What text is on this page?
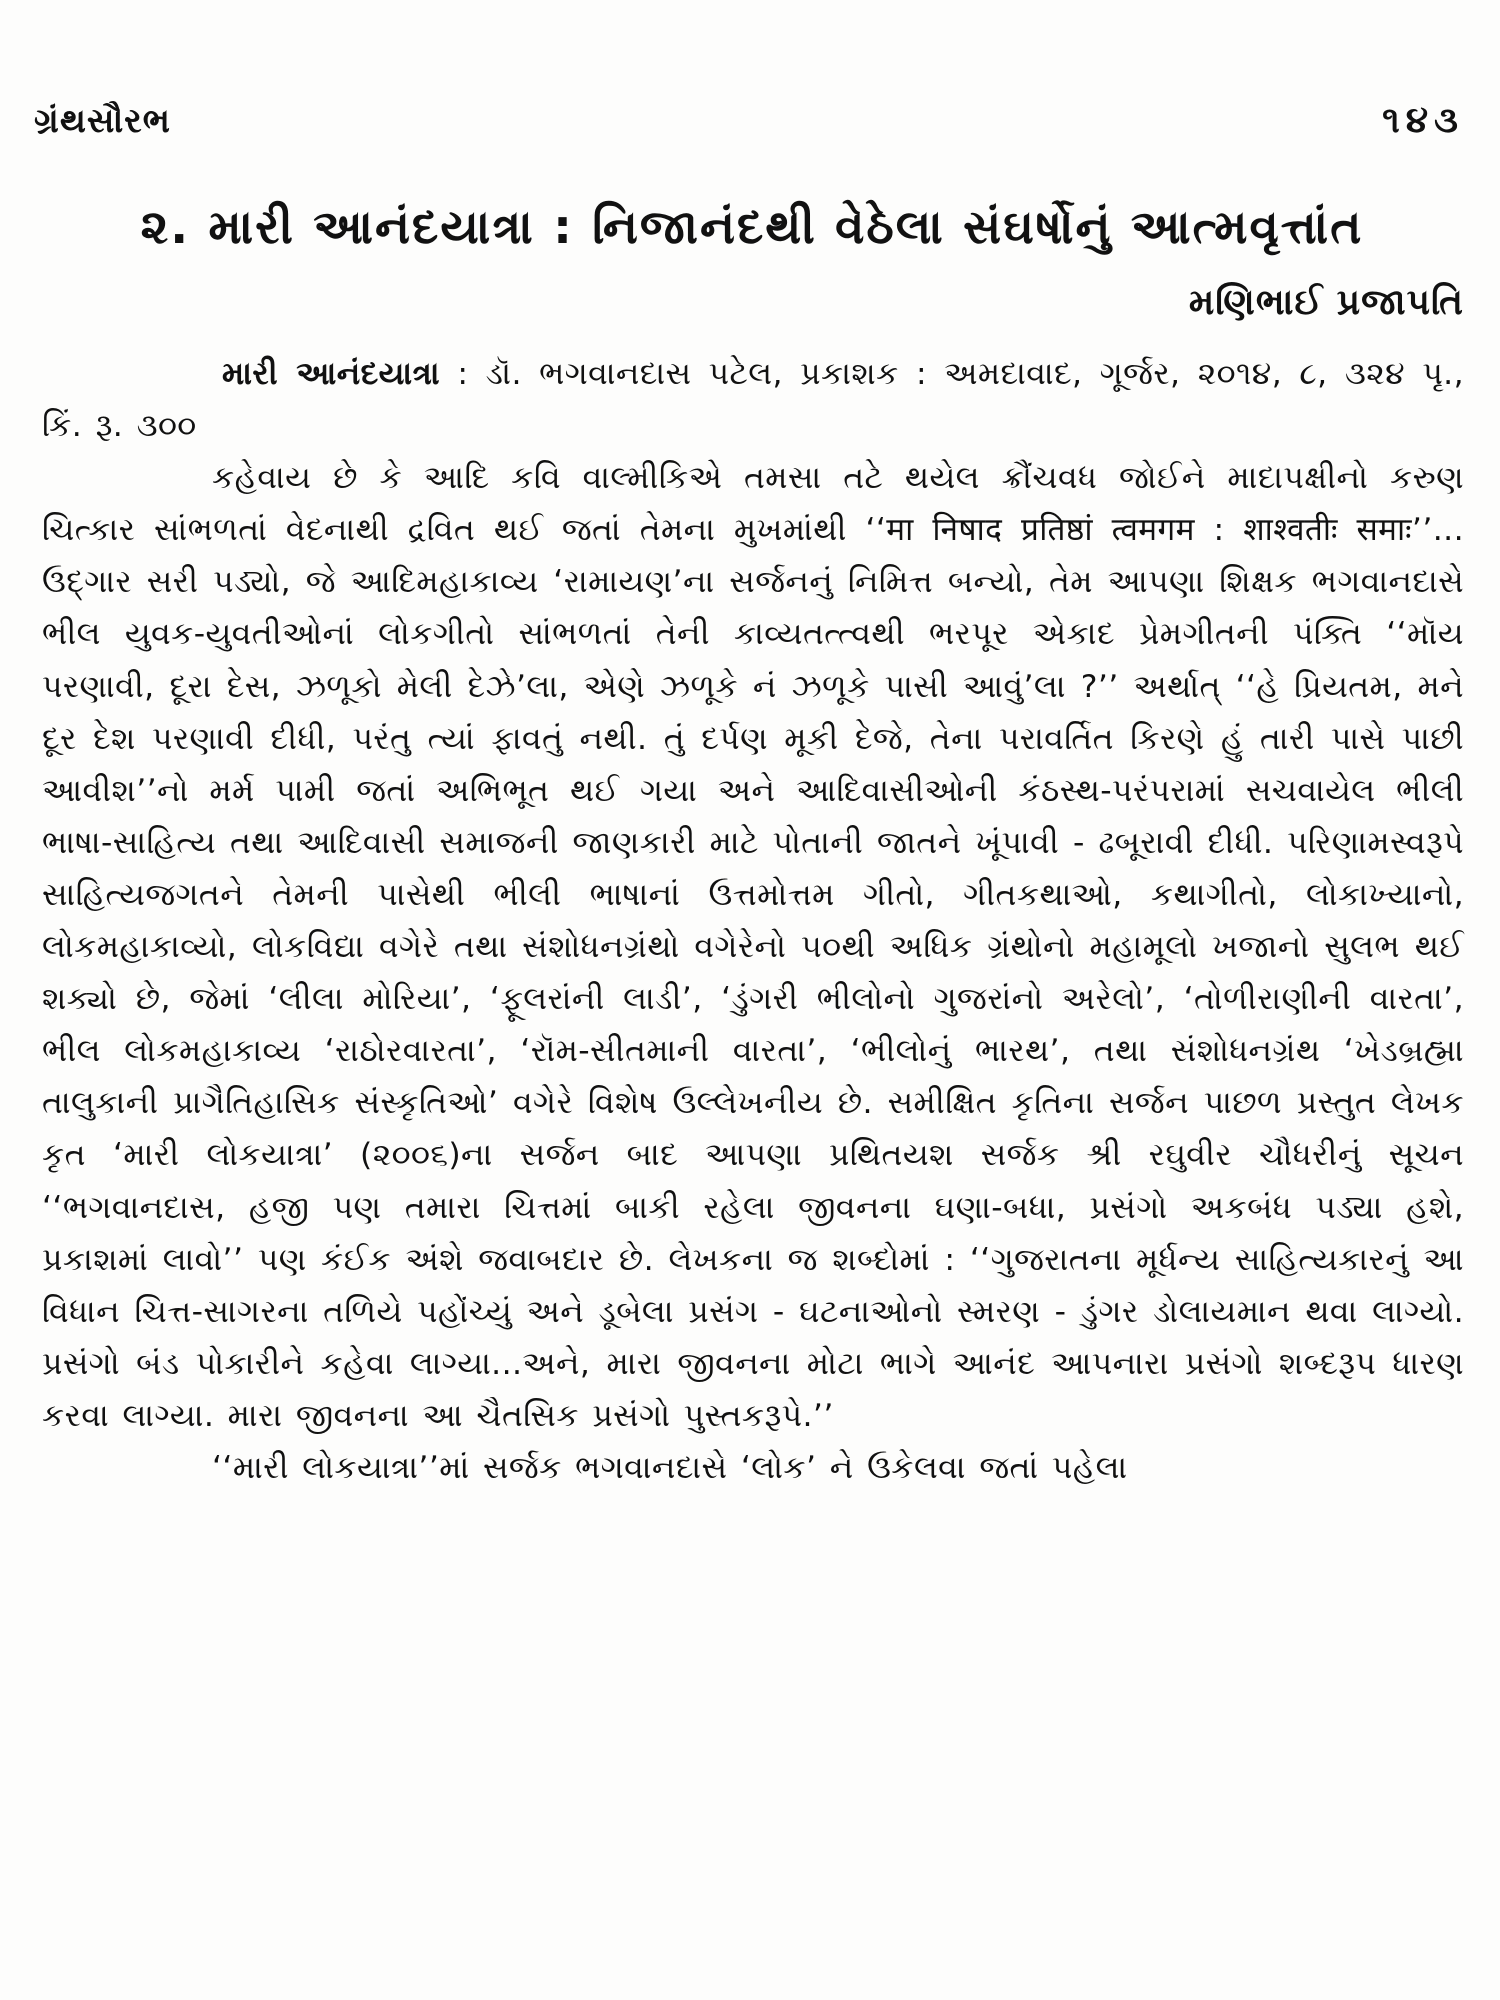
ગ્રંથસૌરભ	૧૪૩
૨. મારી આનંદયાત્રા : નિજાનંદથી વેઠેલા સંઘર્ષોનું આત્મવૃત્તાંત
મણિભાઈ પ્રજાપતિ

મારી આનંદયાત્રા : ડૉ. ભગવાનદાસ પટેલ, પ્રકાશક : અમદાવાદ, ગૂર્જર, ૨૦૧૪, ૮, ૩૨૪ પૃ., કિં. રૂ. ૩૦૦

કહેવાય છે કે આદિ કવિ વાલ્મીકિએ તમસા તટે થયેલ ક્રૌંચવધ જોઈને માદાપક્ષીનો કરુણ ચિત્કાર સાંભળતાં વેદનાથી દ્રવિત થઈ જતાં તેમના મુખમાંથી ‘‘मा निषाद प्रतिष्ठां त्वमगम : शाश्वतीः समाः’’... ઉદ્ગાર સરી પડ્યો, જે આદિમહાકાવ્ય ‘રામાયણ’ના સર્જનનું નિમિત્ત બન્યો, તેમ આપણા શિક્ષક ભગવાનદાસે ભીલ યુવક-યુવતીઓનાં લોકગીતો સાંભળતાં તેની કાવ્યતત્ત્વથી ભરપૂર એકાદ પ્રેમગીતની પંક્તિ ‘‘મૉય પરણાવી, દૂરા દેસ, ઝળૂકો મેલી દેઝે’લા, એણે ઝળૂકે નં ઝળૂકે પાસી આવું’લા ?’’ અર્થાત્ ‘‘હે પ્રિયતમ, મને દૂર દેશ પરણાવી દીધી, પરંતુ ત્યાં ફાવતું નથી. તું દર્પણ મૂકી દેજે, તેના પરાવર્તિત કિરણે હું તારી પાસે પાછી આવીશ’’નો મર્મ પામી જતાં અભિભૂત થઈ ગયા અને આદિવાસીઓની કંઠસ્થ-પરંપરામાં સચવાયેલ ભીલી ભાષા-સાહિત્ય તથા આદિવાસી સમાજની જાણકારી માટે પોતાની જાતને ખૂંપાવી - ઢબૂરાવી દીધી. પરિણામસ્વરૂપે સાહિત્યજગતને તેમની પાસેથી ભીલી ભાષાનાં ઉત્તમોત્તમ ગીતો, ગીતકથાઓ, કથાગીતો, લોકાખ્યાનો, લોકમહાકાવ્યો, લોકવિદ્યા વગેરે તથા સંશોધનગ્રંથો વગેરેનો ૫૦થી અધિક ગ્રંથોનો મહામૂલો ખજાનો સુલભ થઈ શક્યો છે, જેમાં ‘લીલા મોરિયા’, ‘ફૂલરાંની લાડી’, ‘ડુંગરી ભીલોનો ગુજરાંનો અરેલો’, ‘તોળીરાણીની વારતા’, ભીલ લોકમહાકાવ્ય ‘રાઠોરવારતા’, ‘રૉમ-સીતમાની વારતા’, ‘ભીલોનું ભારથ’, તથા સંશોધનગ્રંથ ‘ખેડબ્રહ્મા તાલુકાની પ્રાગૈતિહાસિક સંસ્કૃતિઓ’ વગેરે વિશેષ ઉલ્લેખનીય છે. સમીક્ષિત કૃતિના સર્જન પાછળ પ્રસ્તુત લેખક કૃત ‘મારી લોકયાત્રા’ (૨૦૦૬)ના સર્જન બાદ આપણા પ્રથિતયશ સર્જક શ્રી રઘુવીર ચૌધરીનું સૂચન ‘‘ભગવાનદાસ, હજી પણ તમારા ચિત્તમાં બાકી રહેલા જીવનના ઘણા-બધા, પ્રસંગો અકબંધ પડ્યા હશે, પ્રકાશમાં લાવો’’ પણ કંઈક અંશે જવાબદાર છે. લેખકના જ શબ્દોમાં : ‘‘ગુજરાતના મૂર્ધન્ય સાહિત્યકારનું આ વિધાન ચિત્ત-સાગરના તળિયે પહોંચ્યું અને ડૂબેલા પ્રસંગ - ઘટનાઓનો સ્મરણ - ડુંગર ડોલાયમાન થવા લાગ્યો. પ્રસંગો બંડ પોકારીને કહેવા લાગ્યા...અને, મારા જીવનના મોટા ભાગે આનંદ આપનારા પ્રસંગો શબ્દરૂપ ધારણ કરવા લાગ્યા. મારા જીવનના આ ચૈતસિક પ્રસંગો પુસ્તકરૂપે.’’

‘‘મારી લોકયાત્રા’’માં સર્જક ભગવાનદાસે ‘લોક’ ને ઉકેલવા જતાં પહેલા
